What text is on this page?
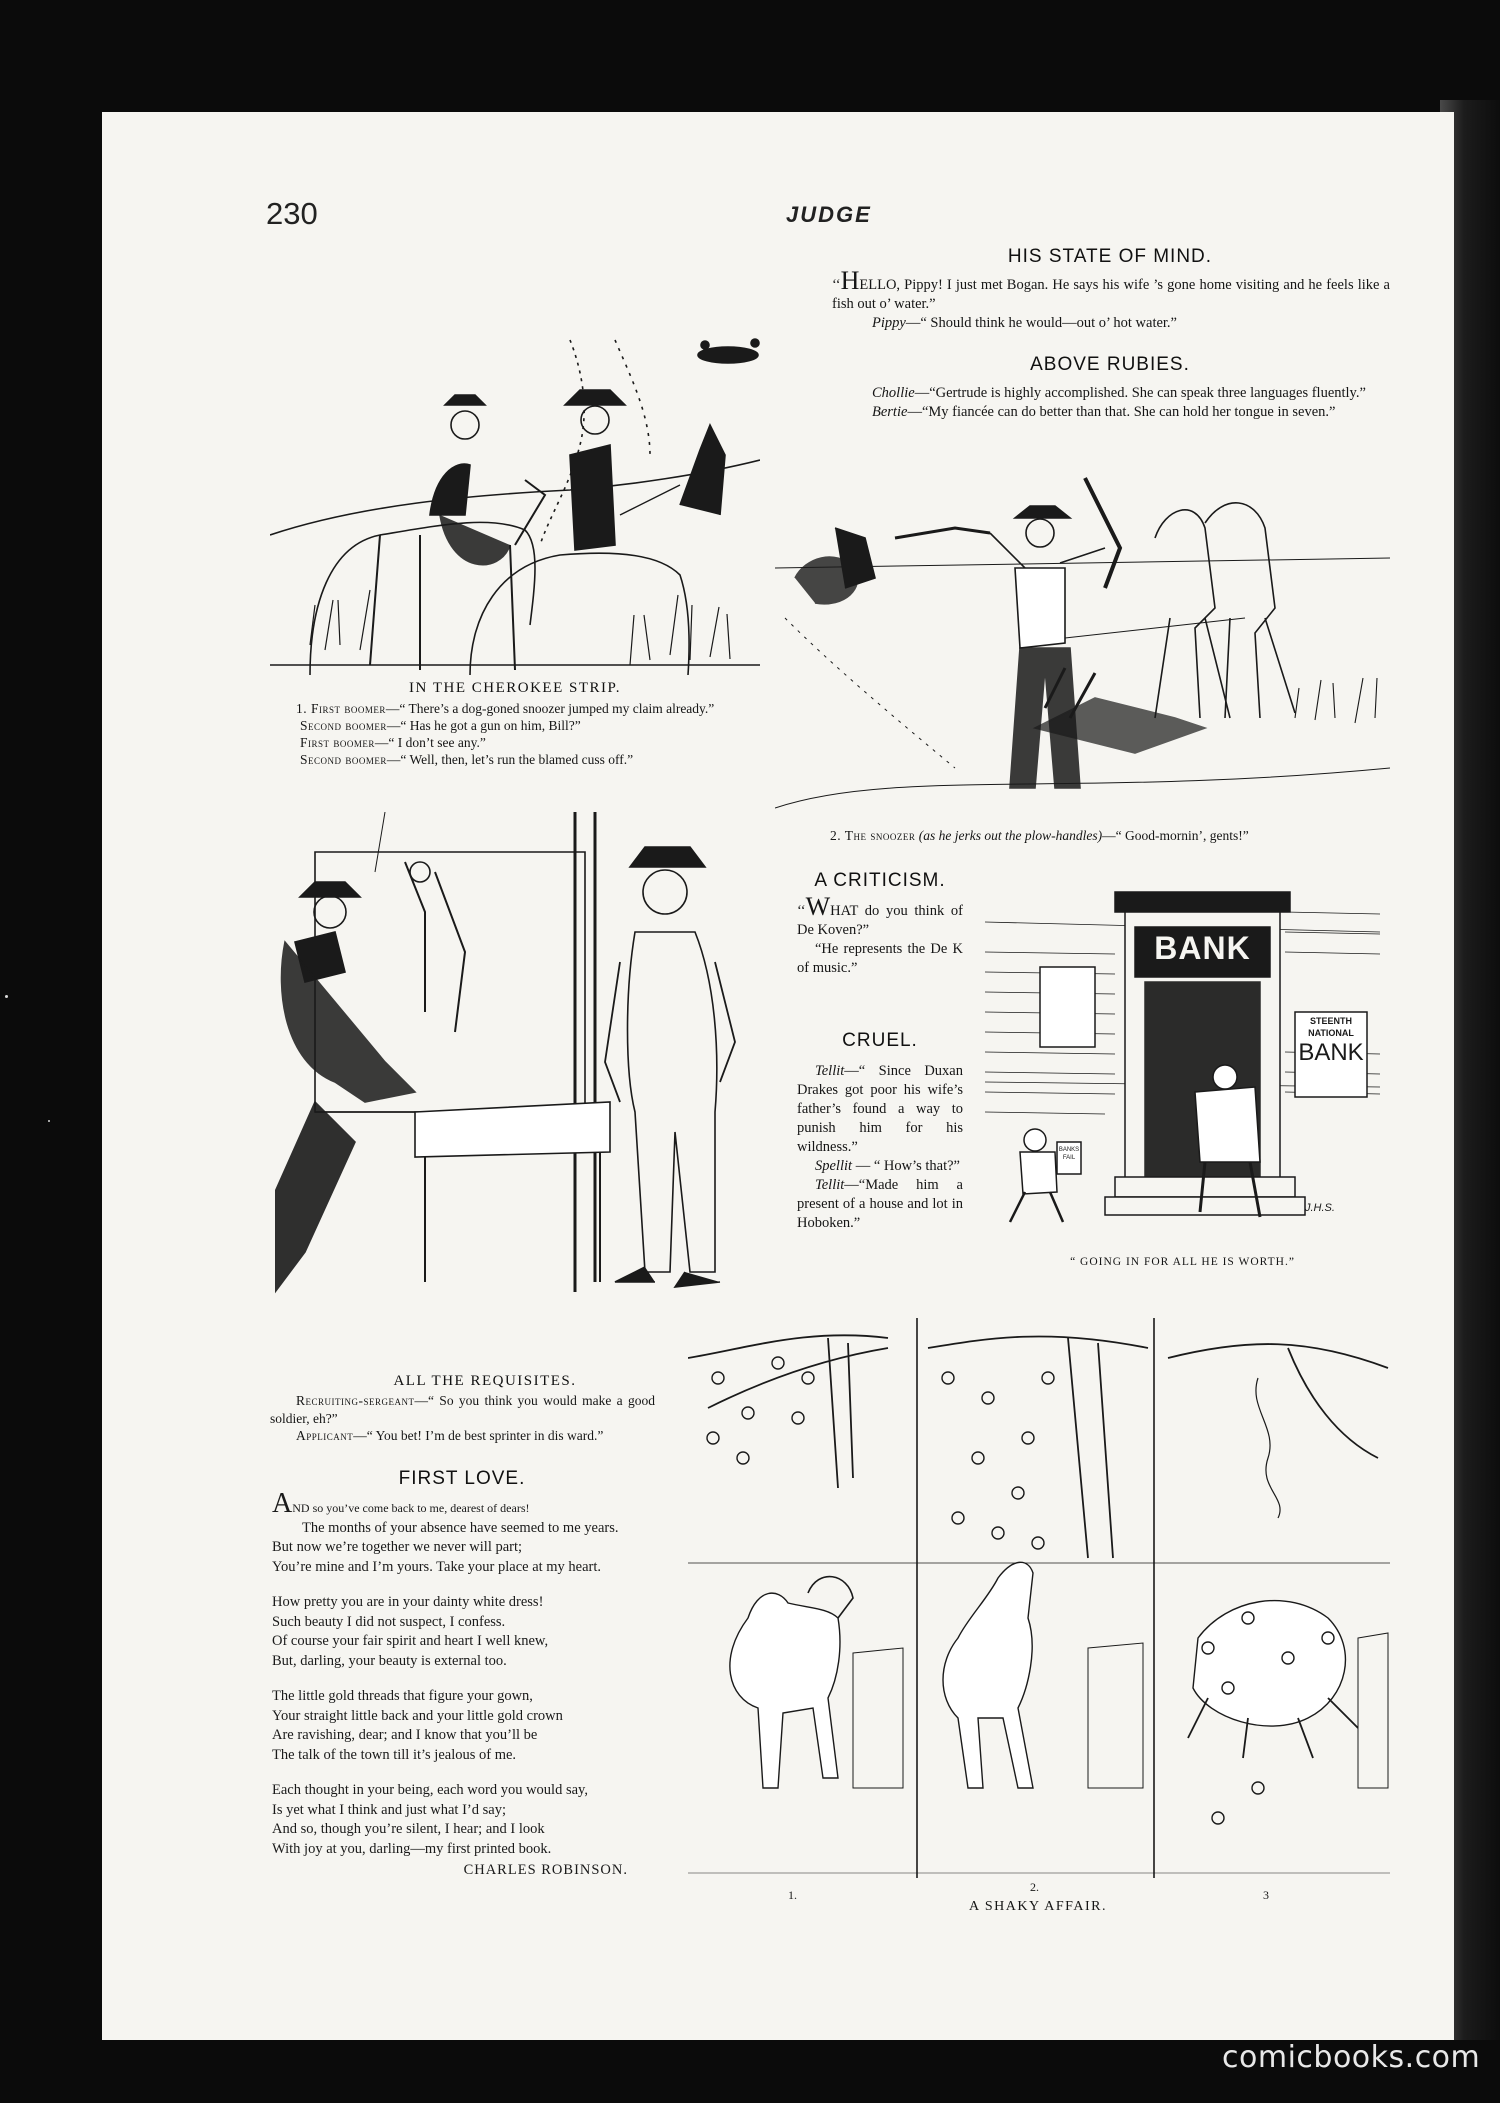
230	JUDGE
IN THE CHEROKEE STRIP.

1. First boomer—“ There’s a dog-goned snoozer jumped my claim already.”

Second boomer—“ Has he got a gun on him, Bill?”

First boomer—“ I don’t see any.”

Second boomer—“ Well, then, let’s run the blamed cuss off.”

HIS STATE OF MIND.

‘‘HELLO, Pippy! I just met Bogan. He says his wife ’s gone home visiting and he feels like a fish out o’ water.”

Pippy—“ Should think he would—out o’ hot water.”

ABOVE RUBIES.

Chollie—“Gertrude is highly accomplished. She can speak three languages fluently.”

Bertie—“My fiancée can do better than that. She can hold her tongue in seven.”

2. The snoozer (as he jerks out the plow-handles)—“ Good-mornin’, gents!”
ALL THE REQUISITES.

Recruiting-sergeant—“ So you think you would make a good soldier, eh?”

Applicant—“ You bet! I’m de best sprinter in dis ward.”

A CRITICISM.

‘‘WHAT do you think of De Koven?”

“He represents the De K of music.”

CRUEL.

Tellit—“ Since Duxan Drakes got poor his wife’s father’s found a way to punish him for his wildness.”

Spellit — “ How’s that?”

Tellit—“Made him a present of a house and lot in Hoboken.”

BANK
STEENTH
NATIONAL
BANK
BANKS FAIL
J.H.S.
“ GOING IN FOR ALL HE IS WORTH.”
FIRST LOVE.

AND so you’ve come back to me, dearest of dears!

The months of your absence have seemed to me years.

But now we’re together we never will part;

You’re mine and I’m yours. Take your place at my heart.

How pretty you are in your dainty white dress!

Such beauty I did not suspect, I confess.

Of course your fair spirit and heart I well knew,

But, darling, your beauty is external too.

The little gold threads that figure your gown,

Your straight little back and your little gold crown

Are ravishing, dear; and I know that you’ll be

The talk of the town till it’s jealous of me.

Each thought in your being, each word you would say,

Is yet what I think and just what I’d say;

And so, though you’re silent, I hear; and I look

With joy at you, darling—my first printed book.

CHARLES ROBINSON.

1.
2.
3
A SHAKY AFFAIR.
comicbooks.com
